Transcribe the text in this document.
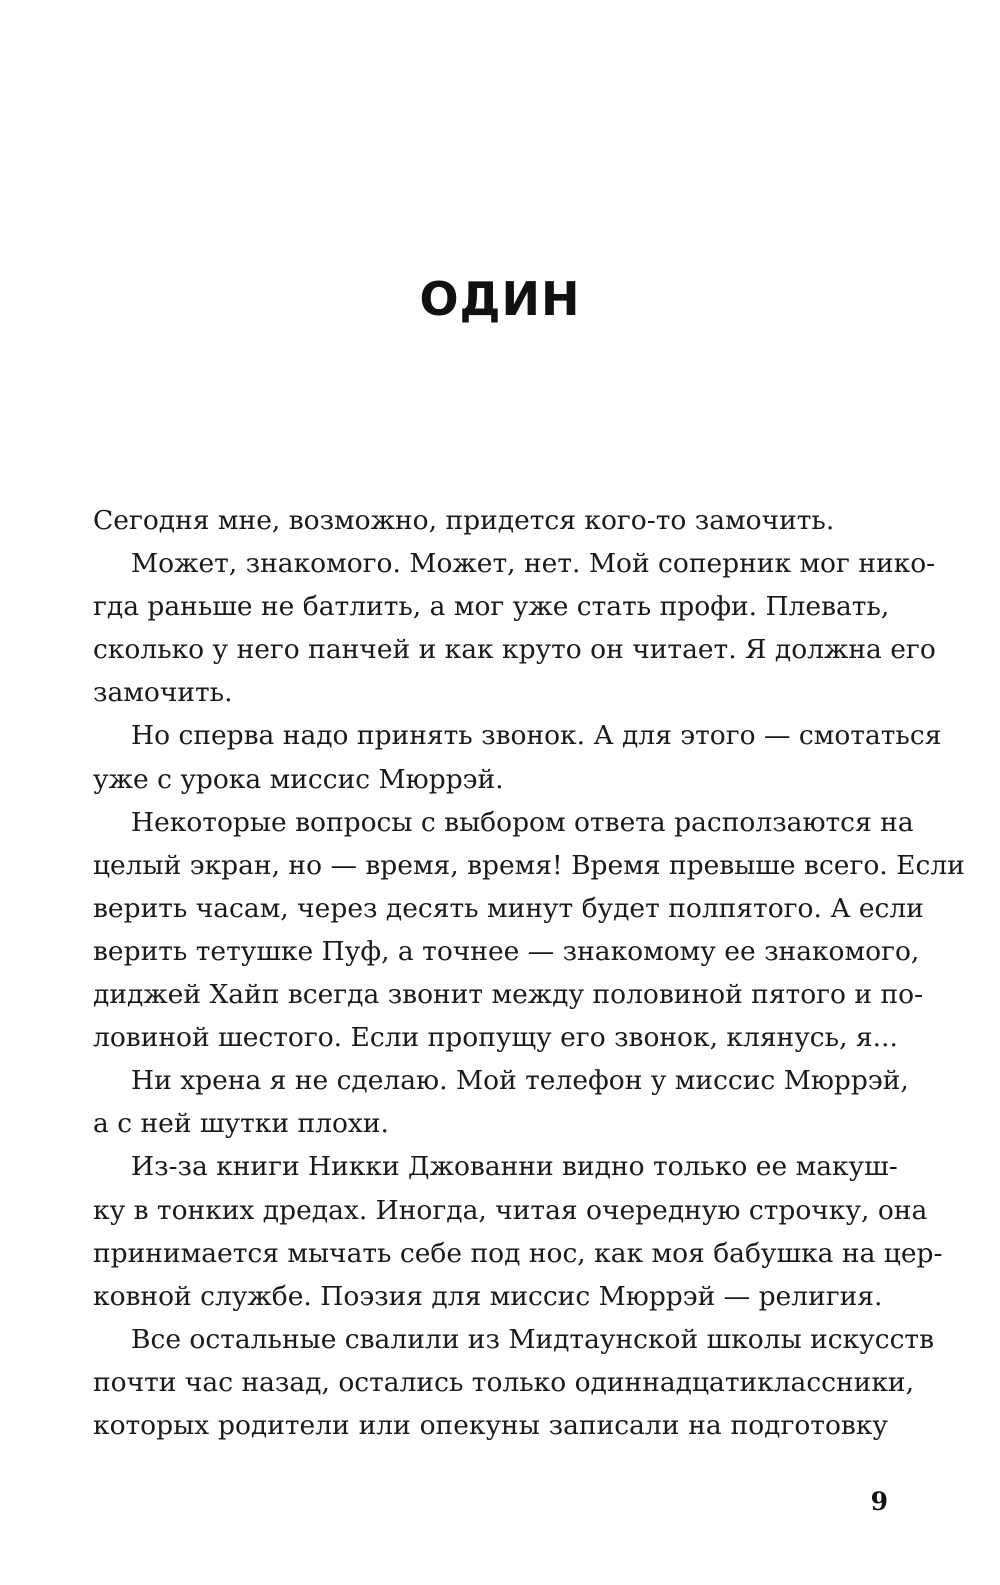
ОДИН
Сегодня мне, возможно, придется кого-то замочить.
Может, знакомого. Может, нет. Мой соперник мог нико-
гда раньше не батлить, а мог уже стать профи. Плевать,
сколько у него панчей и как круто он читает. Я должна его
замочить.
Но сперва надо принять звонок. А для этого — смотаться
уже с урока миссис Мюррэй.
Некоторые вопросы с выбором ответа расползаются на
целый экран, но — время, время! Время превыше всего. Если
верить часам, через десять минут будет полпятого. А если
верить тетушке Пуф, а точнее — знакомому ее знакомого,
диджей Хайп всегда звонит между половиной пятого и по-
ловиной шестого. Если пропущу его звонок, клянусь, я...
Ни хрена я не сделаю. Мой телефон у миссис Мюррэй,
а с ней шутки плохи.
Из-за книги Никки Джованни видно только ее макуш-
ку в тонких дредах. Иногда, читая очередную строчку, она
принимается мычать себе под нос, как моя бабушка на цер-
ковной службе. Поэзия для миссис Мюррэй — религия.
Все остальные свалили из Мидтаунской школы искусств
почти час назад, остались только одиннадцатиклассники,
которых родители или опекуны записали на подготовку
9
